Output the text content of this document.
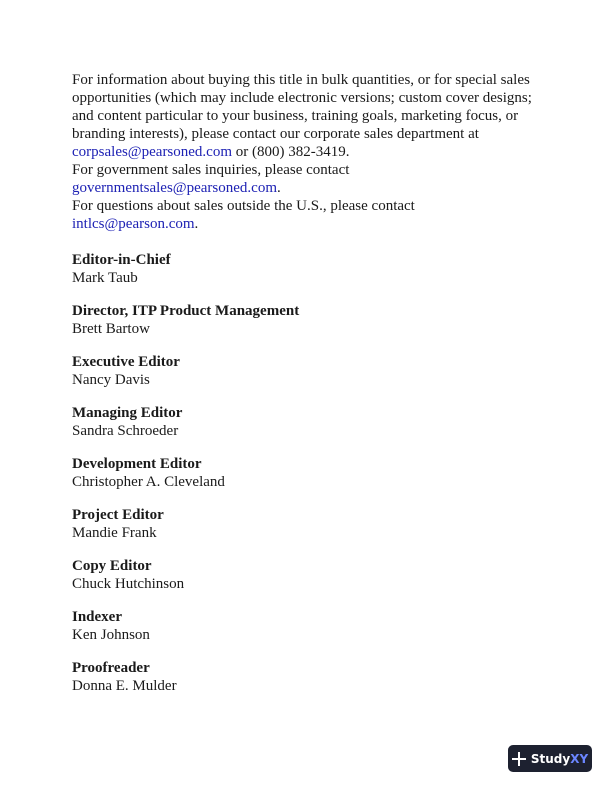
For information about buying this title in bulk quantities, or for special sales opportunities (which may include electronic versions; custom cover designs; and content particular to your business, training goals, marketing focus, or branding interests), please contact our corporate sales department at
corpsales@pearsoned.com or (800) 382-3419.

For government sales inquiries, please contact
governmentsales@pearsoned.com.

For questions about sales outside the U.S., please contact
intlcs@pearson.com.

Editor-in-Chief
Mark Taub
Director, ITP Product Management
Brett Bartow
Executive Editor
Nancy Davis
Managing Editor
Sandra Schroeder
Development Editor
Christopher A. Cleveland
Project Editor
Mandie Frank
Copy Editor
Chuck Hutchinson
Indexer
Ken Johnson
Proofreader
Donna E. Mulder
StudyXY
